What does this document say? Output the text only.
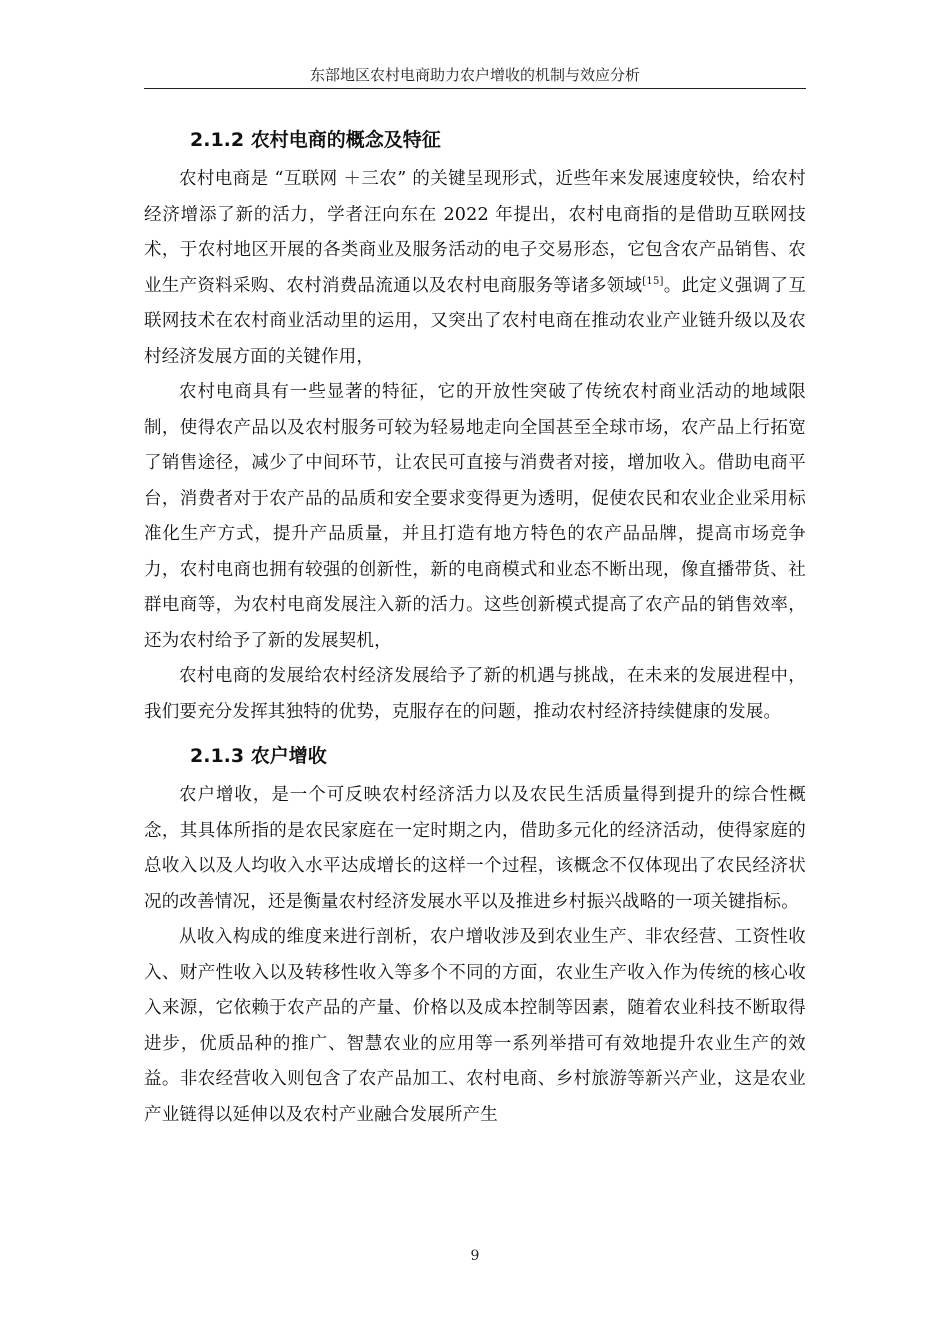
东部地区农村电商助力农户增收的机制与效应分析
2.1.2 农村电商的概念及特征

农村电商是 “互联网 ＋三农” 的关键呈现形式，近些年来发展速度较快，给农村经济增添了新的活力，学者汪向东在 2022 年提出，农村电商指的是借助互联网技术，于农村地区开展的各类商业及服务活动的电子交易形态，它包含农产品销售、农业生产资料采购、农村消费品流通以及农村电商服务等诸多领域[15]。此定义强调了互联网技术在农村商业活动里的运用，又突出了农村电商在推动农业产业链升级以及农村经济发展方面的关键作用，

农村电商具有一些显著的特征，它的开放性突破了传统农村商业活动的地域限制，使得农产品以及农村服务可较为轻易地走向全国甚至全球市场，农产品上行拓宽了销售途径，减少了中间环节，让农民可直接与消费者对接，增加收入。借助电商平台，消费者对于农产品的品质和安全要求变得更为透明，促使农民和农业企业采用标准化生产方式，提升产品质量，并且打造有地方特色的农产品品牌，提高市场竞争力，农村电商也拥有较强的创新性，新的电商模式和业态不断出现，像直播带货、社群电商等，为农村电商发展注入新的活力。这些创新模式提高了农产品的销售效率，还为农村给予了新的发展契机，

农村电商的发展给农村经济发展给予了新的机遇与挑战，在未来的发展进程中，我们要充分发挥其独特的优势，克服存在的问题，推动农村经济持续健康的发展。

2.1.3 农户增收

农户增收，是一个可反映农村经济活力以及农民生活质量得到提升的综合性概念，其具体所指的是农民家庭在一定时期之内，借助多元化的经济活动，使得家庭的总收入以及人均收入水平达成增长的这样一个过程，该概念不仅体现出了农民经济状况的改善情况，还是衡量农村经济发展水平以及推进乡村振兴战略的一项关键指标。

从收入构成的维度来进行剖析，农户增收涉及到农业生产、非农经营、工资性收入、财产性收入以及转移性收入等多个不同的方面，农业生产收入作为传统的核心收入来源，它依赖于农产品的产量、价格以及成本控制等因素，随着农业科技不断取得进步，优质品种的推广、智慧农业的应用等一系列举措可有效地提升农业生产的效益。非农经营收入则包含了农产品加工、农村电商、乡村旅游等新兴产业，这是农业产业链得以延伸以及农村产业融合发展所产生

9
